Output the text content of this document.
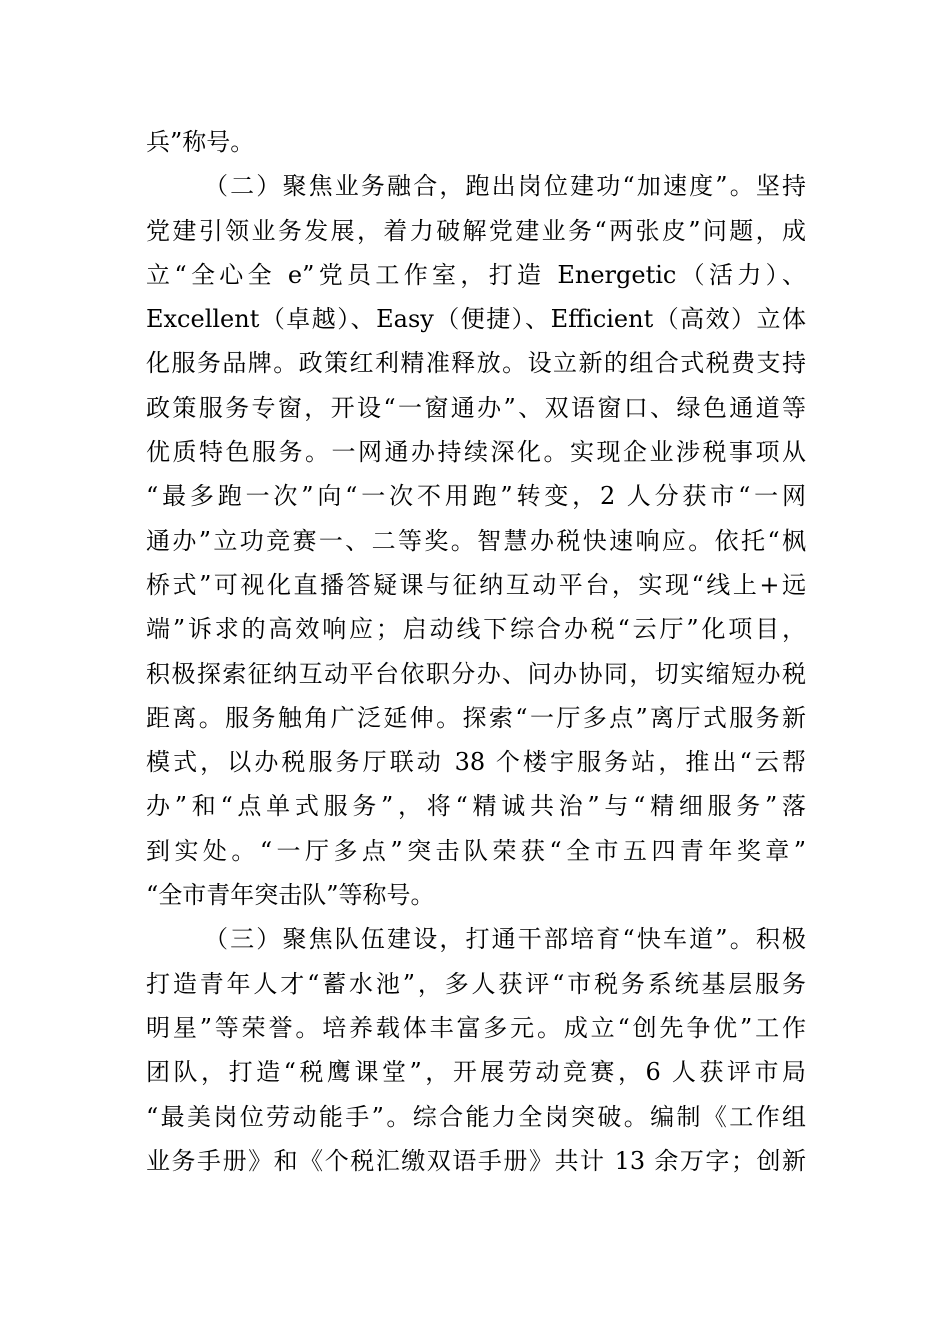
兵”称号。
（二）聚焦业务融合，跑出岗位建功“加速度”。坚持
党建引领业务发展，着力破解党建业务“两张皮”问题，成
立“全心全 e”党员工作室，打造 Energetic（活力）、
Excellent（卓越）、Easy（便捷）、Efficient（高效）立体
化服务品牌。政策红利精准释放。设立新的组合式税费支持
政策服务专窗，开设“一窗通办”、双语窗口、绿色通道等
优质特色服务。一网通办持续深化。实现企业涉税事项从
“最多跑一次”向“一次不用跑”转变，2 人分获市“一网
通办”立功竞赛一、二等奖。智慧办税快速响应。依托“枫
桥式”可视化直播答疑课与征纳互动平台，实现“线上+远
端”诉求的高效响应；启动线下综合办税“云厅”化项目，
积极探索征纳互动平台依职分办、问办协同，切实缩短办税
距离。服务触角广泛延伸。探索“一厅多点”离厅式服务新
模式，以办税服务厅联动 38 个楼宇服务站，推出“云帮
办”和“点单式服务”，将“精诚共治”与“精细服务”落
到实处。“一厅多点”突击队荣获“全市五四青年奖章”
“全市青年突击队”等称号。
（三）聚焦队伍建设，打通干部培育“快车道”。积极
打造青年人才“蓄水池”，多人获评“市税务系统基层服务
明星”等荣誉。培养载体丰富多元。成立“创先争优”工作
团队，打造“税鹰课堂”，开展劳动竞赛，6 人获评市局
“最美岗位劳动能手”。综合能力全岗突破。编制《工作组
业务手册》和《个税汇缴双语手册》共计 13 余万字；创新
